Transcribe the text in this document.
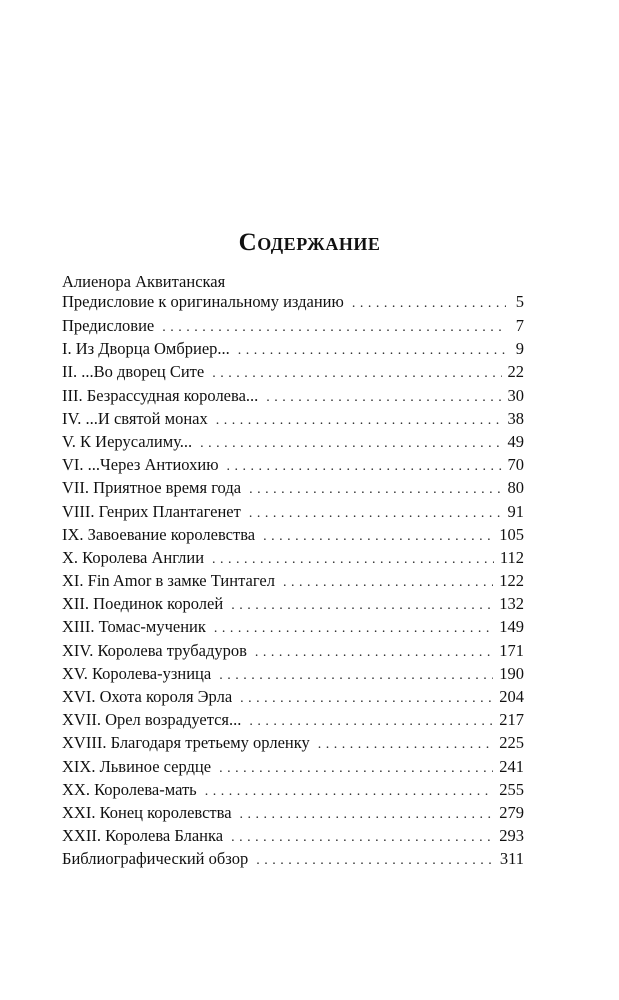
Содержание
Алиенора Аквитанская
Предисловие к оригинальному изданию . . .	5
Предисловие . . .	7
I. Из Дворца Омбриер... . . .	9
II. ...Во дворец Сите . . .	22
III. Безрассудная королева... . . .	30
IV. ...И святой монах . . .	38
V. К Иерусалиму... . . .	49
VI. ...Через Антиохию . . .	70
VII. Приятное время года . . .	80
VIII. Генрих Плантагенет . . .	91
IX. Завоевание королевства . . .	105
X. Королева Англии . . .	112
XI. Fin Amor в замке Тинтагел . . .	122
XII. Поединок королей . . .	132
XIII. Томас-мученик . . .	149
XIV. Королева трубадуров . . .	171
XV. Королева-узница . . .	190
XVI. Охота короля Эрла . . .	204
XVII. Орел возрадуется... . . .	217
XVIII. Благодаря третьему орленку . . .	225
XIX. Львиное сердце . . .	241
XX. Королева-мать . . .	255
XXI. Конец королевства . . .	279
XXII. Королева Бланка . . .	293
Библиографический обзор . . .	311
